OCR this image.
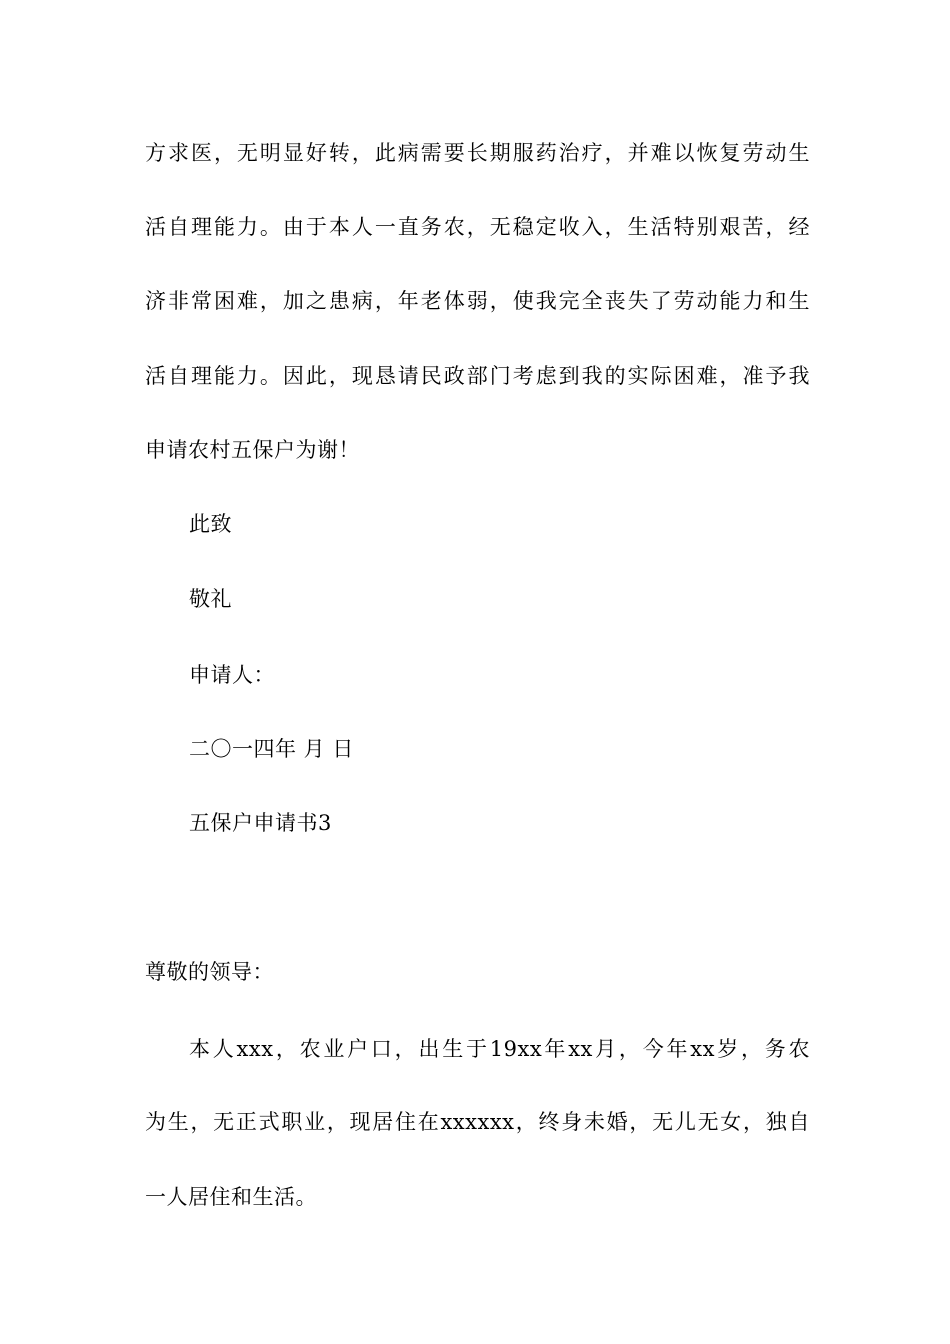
方求医，无明显好转，此病需要长期服药治疗，并难以恢复劳动生
活自理能力。由于本人一直务农，无稳定收入，生活特别艰苦，经
济非常困难，加之患病，年老体弱，使我完全丧失了劳动能力和生
活自理能力。因此，现恳请民政部门考虑到我的实际困难，准予我
申请农村五保户为谢！
此致
敬礼
申请人：
二〇一四年 月 日
五保户申请书3
尊敬的领导：
本人xxx，农业户口，出生于19xx年xx月，今年xx岁，务农
为生，无正式职业，现居住在xxxxxx，终身未婚，无儿无女，独自
一人居住和生活。
